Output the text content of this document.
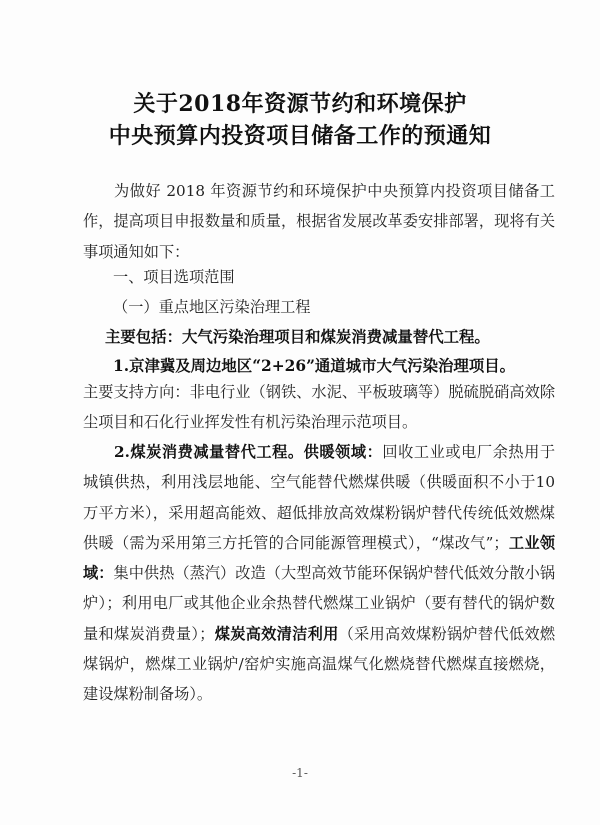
关于2018年资源节约和环境保护
中央预算内投资项目储备工作的预通知
为做好 2018 年资源节约和环境保护中央预算内投资项目储备工作，提高项目申报数量和质量，根据省发展改革委安排部署，现将有关事项通知如下：
一、项目选项范围
（一）重点地区污染治理工程
主要包括：大气污染治理项目和煤炭消费减量替代工程。
1.京津冀及周边地区“2+26”通道城市大气污染治理项目。
主要支持方向：非电行业（钢铁、水泥、平板玻璃等）脱硫脱硝高效除尘项目和石化行业挥发性有机污染治理示范项目。
2.煤炭消费减量替代工程。供暖领域：回收工业或电厂余热用于城镇供热，利用浅层地能、空气能替代燃煤供暖（供暖面积不小于10万平方米），采用超高能效、超低排放高效煤粉锅炉替代传统低效燃煤供暖（需为采用第三方托管的合同能源管理模式），“煤改气”；工业领域：集中供热（蒸汽）改造（大型高效节能环保锅炉替代低效分散小锅炉）；利用电厂或其他企业余热替代燃煤工业锅炉（要有替代的锅炉数量和煤炭消费量）；煤炭高效清洁利用（采用高效煤粉锅炉替代低效燃煤锅炉，燃煤工业锅炉/窑炉实施高温煤气化燃烧替代燃煤直接燃烧，建设煤粉制备场）。
-1-
